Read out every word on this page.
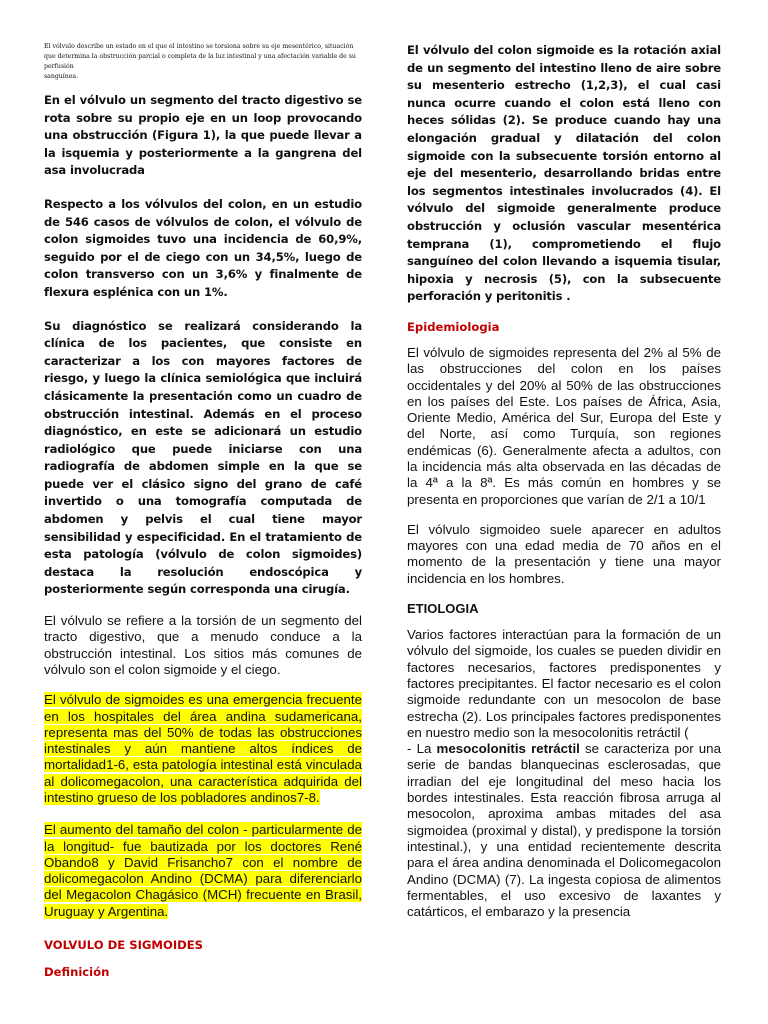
El vólvulo describe un estado en el que el intestino se torsiona sobre su eje mesentérico, situación que determina la obstrucción parcial o completa de la luz intestinal y una afectación variable de su perfusión
sanguínea.

En el vólvulo un segmento del tracto digestivo se rota sobre su propio eje en un loop provocando una obstrucción (Figura 1), la que puede llevar a la isquemia y posteriormente a la gangrena del asa involucrada

Respecto a los vólvulos del colon, en un estudio de 546 casos de vólvulos de colon, el vólvulo de colon sigmoides tuvo una incidencia de 60,9%, seguido por el de ciego con un 34,5%, luego de colon transverso con un 3,6% y finalmente de flexura esplénica con un 1%.

Su diagnóstico se realizará considerando la clínica de los pacientes, que consiste en caracterizar a los con mayores factores de riesgo, y luego la clínica semiológica que incluirá clásicamente la presentación como un cuadro de obstrucción intestinal. Además en el proceso diagnóstico, en este se adicionará un estudio radiológico que puede iniciarse con una radiografía de abdomen simple en la que se puede ver el clásico signo del grano de café invertido o una tomografía computada de abdomen y pelvis el cual tiene mayor sensibilidad y especificidad. En el tratamiento de esta patología (vólvulo de colon sigmoides) destaca la resolución endoscópica y posteriormente según corresponda una cirugía.

El vólvulo se refiere a la torsión de un segmento del tracto digestivo, que a menudo conduce a la obstrucción intestinal. Los sitios más comunes de vólvulo son el colon sigmoide y el ciego.

El vólvulo de sigmoides es una emergencia frecuente en los hospitales del área andina sudamericana, representa mas del 50% de todas las obstrucciones intestinales y aún mantiene altos índices de mortalidad1-6, esta patología intestinal está vinculada al dolicomegacolon, una característica adquirida del intestino grueso de los pobladores andinos7-8.

El aumento del tamaño del colon - particularmente de la longitud- fue bautizada por los doctores René Obando8 y David Frisancho7 con el nombre de dolicomegacolon Andino (DCMA) para diferenciarlo del Megacolon Chagásico (MCH) frecuente en Brasil, Uruguay y Argentina.

VOLVULO DE SIGMOIDES

Definición

El vólvulo del colon sigmoide es la rotación axial de un segmento del intestino lleno de aire sobre su mesenterio estrecho (1,2,3), el cual casi nunca ocurre cuando el colon está lleno con heces sólidas (2). Se produce cuando hay una elongación gradual y dilatación del colon sigmoide con la subsecuente torsión entorno al eje del mesenterio, desarrollando bridas entre los segmentos intestinales involucrados (4). El vólvulo del sigmoide generalmente produce obstrucción y oclusión vascular mesentérica temprana (1), comprometiendo el flujo sanguíneo del colon llevando a isquemia tisular, hipoxia y necrosis (5), con la subsecuente perforación y peritonitis .

Epidemiologia

El vólvulo de sigmoides representa del 2% al 5% de las obstrucciones del colon en los países occidentales y del 20% al 50% de las obstrucciones en los países del Este. Los países de África, Asia, Oriente Medio, América del Sur, Europa del Este y del Norte, así como Turquía, son regiones endémicas (6). Generalmente afecta a adultos, con la incidencia más alta observada en las décadas de la 4ª a la 8ª. Es más común en hombres y se presenta en proporciones que varían de 2/1 a 10/1

El vólvulo sigmoideo suele aparecer en adultos mayores con una edad media de 70 años en el momento de la presentación y tiene una mayor incidencia en los hombres.

ETIOLOGIA

Varios factores interactúan para la formación de un vólvulo del sigmoide, los cuales se pueden dividir en factores necesarios, factores predisponentes y factores precipitantes. El factor necesario es el colon sigmoide redundante con un mesocolon de base estrecha (2). Los principales factores predisponentes en nuestro medio son la mesocolonitis retráctil (

- La mesocolonitis retráctil se caracteriza por una serie de bandas blanquecinas esclerosadas, que irradian del eje longitudinal del meso hacia los bordes intestinales. Esta reacción fibrosa arruga al mesocolon, aproxima ambas mitades del asa sigmoidea (proximal y distal), y predispone la torsión intestinal.), y una entidad recientemente descrita para el área andina denominada el Dolicomegacolon Andino (DCMA) (7). La ingesta copiosa de alimentos fermentables, el uso excesivo de laxantes y catárticos, el embarazo y la presencia
